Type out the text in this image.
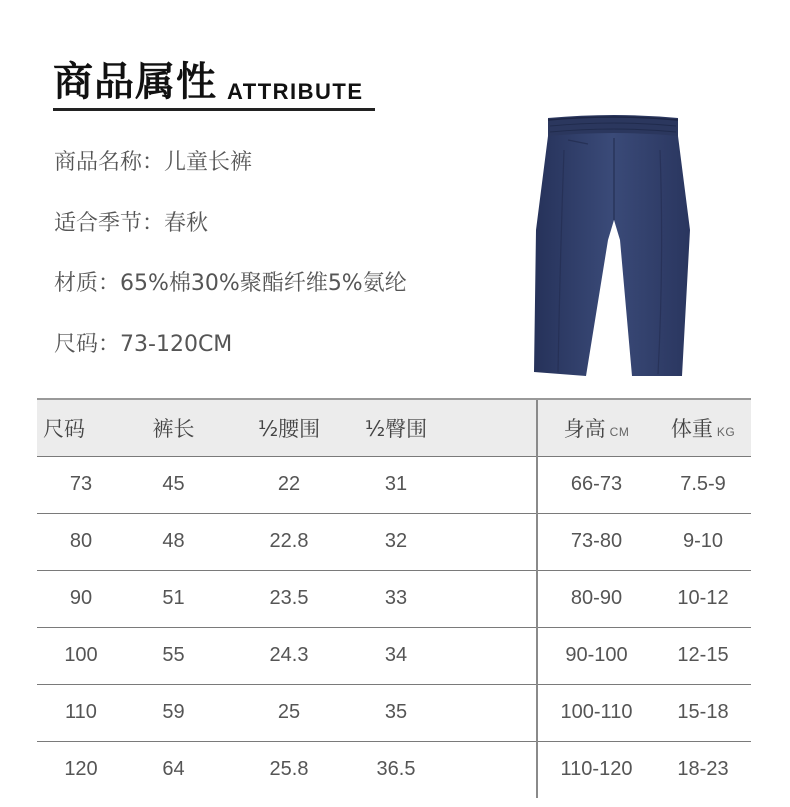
商品属性 ATTRIBUTE
商品名称：儿童长裤
适合季节：春秋
材质：65%棉30%聚酯纤维5%氨纶
尺码：73-120CM
尺码	裤长	½腰围	½臀围		身高 CM	体重 KG
73	45	22	31		66-73	7.5-9
80	48	22.8	32		73-80	9-10
90	51	23.5	33		80-90	10-12
100	55	24.3	34		90-100	12-15
110	59	25	35		100-110	15-18
120	64	25.8	36.5		110-120	18-23
